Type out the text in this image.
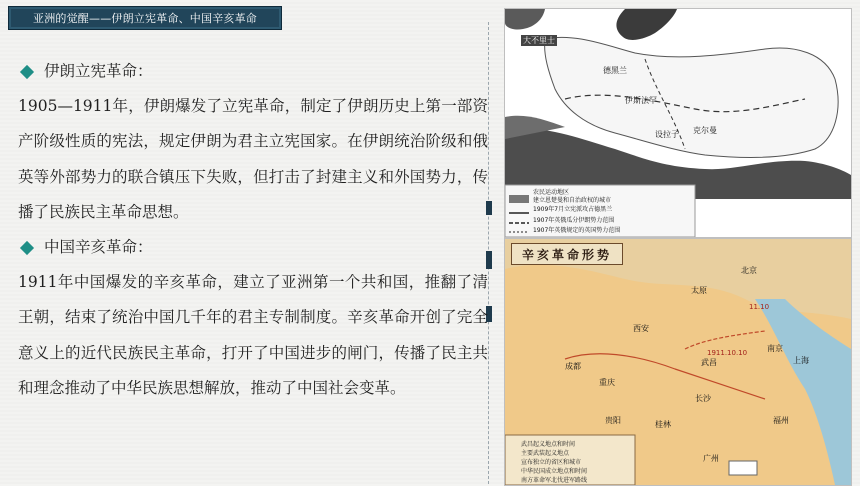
亚洲的觉醒——伊朗立宪革命、中国辛亥革命
伊朗立宪革命：
1905—1911年，伊朗爆发了立宪革命，制定了伊朗历史上第一部资产阶级性质的宪法，规定伊朗为君主立宪国家。在伊朗统治阶级和俄英等外部势力的联合镇压下失败，但打击了封建主义和外国势力，传播了民族民主革命思想。
中国辛亥革命：
1911年中国爆发的辛亥革命，建立了亚洲第一个共和国，推翻了清王朝，结束了统治中国几千年的君主专制制度。辛亥革命开创了完全意义上的近代民族民主革命，打开了中国进步的闸门，传播了民主共和理念推动了中华民族思想解放，推动了中国社会变革。
德黑兰
伊斯法罕
设拉子 克尔曼
大不里士
农民运动地区
建立恩楚曼和自治政权的城市
1909年7月立宪派攻占德黑兰
1907年英俄瓜分伊朗势力范围
1907年英俄规定的英国势力范围
辛亥革命形势
北京
太原
西安
武昌
南京
上海
长沙
成都
重庆
贵阳	桂林	福州
广州
1911.10.10
11.10
武昌起义地点和时间
主要武装起义地点
宣布独立的省区和城市
中华民国成立地点和时间
南方革命军北伐进军路线
